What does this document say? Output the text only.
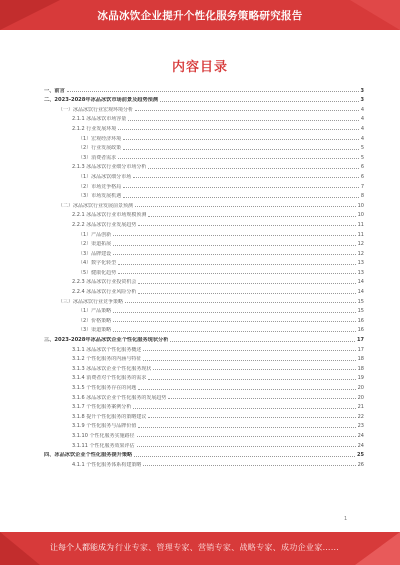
冰品冰饮企业提升个性化服务策略研究报告
内容目录
一、前言	3
二、2023-2028年冰品冰饮市场前景及趋势预测	3
（一）冰品冰饮行业宏观环境分析	4
2.1.1 冰品冰饮市场容量	4
2.1.2 行业发展环境	4
（1）宏观经济环境	4
（2）行业发展政策	5
（3）消费者需求	5
2.1.3 冰品冰饮行业细分市场分析	6
（1）冰品冰饮细分市场	6
（2）市场竞争格局	7
（3）市场发展机遇	8
（二）冰品冰饮行业发展前景预测	10
2.2.1 冰品冰饮行业市场规模预测	10
2.2.2 冰品冰饮行业发展趋势	11
（1）产品创新	11
（2）渠道拓展	12
（3）品牌建设	12
（4）数字化转型	13
（5）健康化趋势	13
2.2.3 冰品冰饮行业投资机会	14
2.2.4 冰品冰饮行业风险分析	14
（三）冰品冰饮行业竞争策略	15
（1）产品策略	15
（2）价格策略	16
（3）渠道策略	16
三、2023-2028年冰品冰饮企业个性化服务现状分析	17
3.1.1 冰品冰饮个性化服务概述	17
3.1.2 个性化服务的内涵与特征	18
3.1.3 冰品冰饮企业个性化服务现状	18
3.1.4 消费者对个性化服务的需求	19
3.1.5 个性化服务存在的问题	20
3.1.6 冰品冰饮企业个性化服务的发展趋势	20
3.1.7 个性化服务案例分析	21
3.1.8 提升个性化服务的策略建议	22
3.1.9 个性化服务与品牌价值	23
3.1.10 个性化服务实施路径	24
3.1.11 个性化服务效果评估	24
四、冰品冰饮企业个性化服务提升策略	25
4.1.1 个性化服务体系构建策略	26
1
让每个人都能成为 行业专家、管理专家、营销专家、战略专家、成功企业家……
